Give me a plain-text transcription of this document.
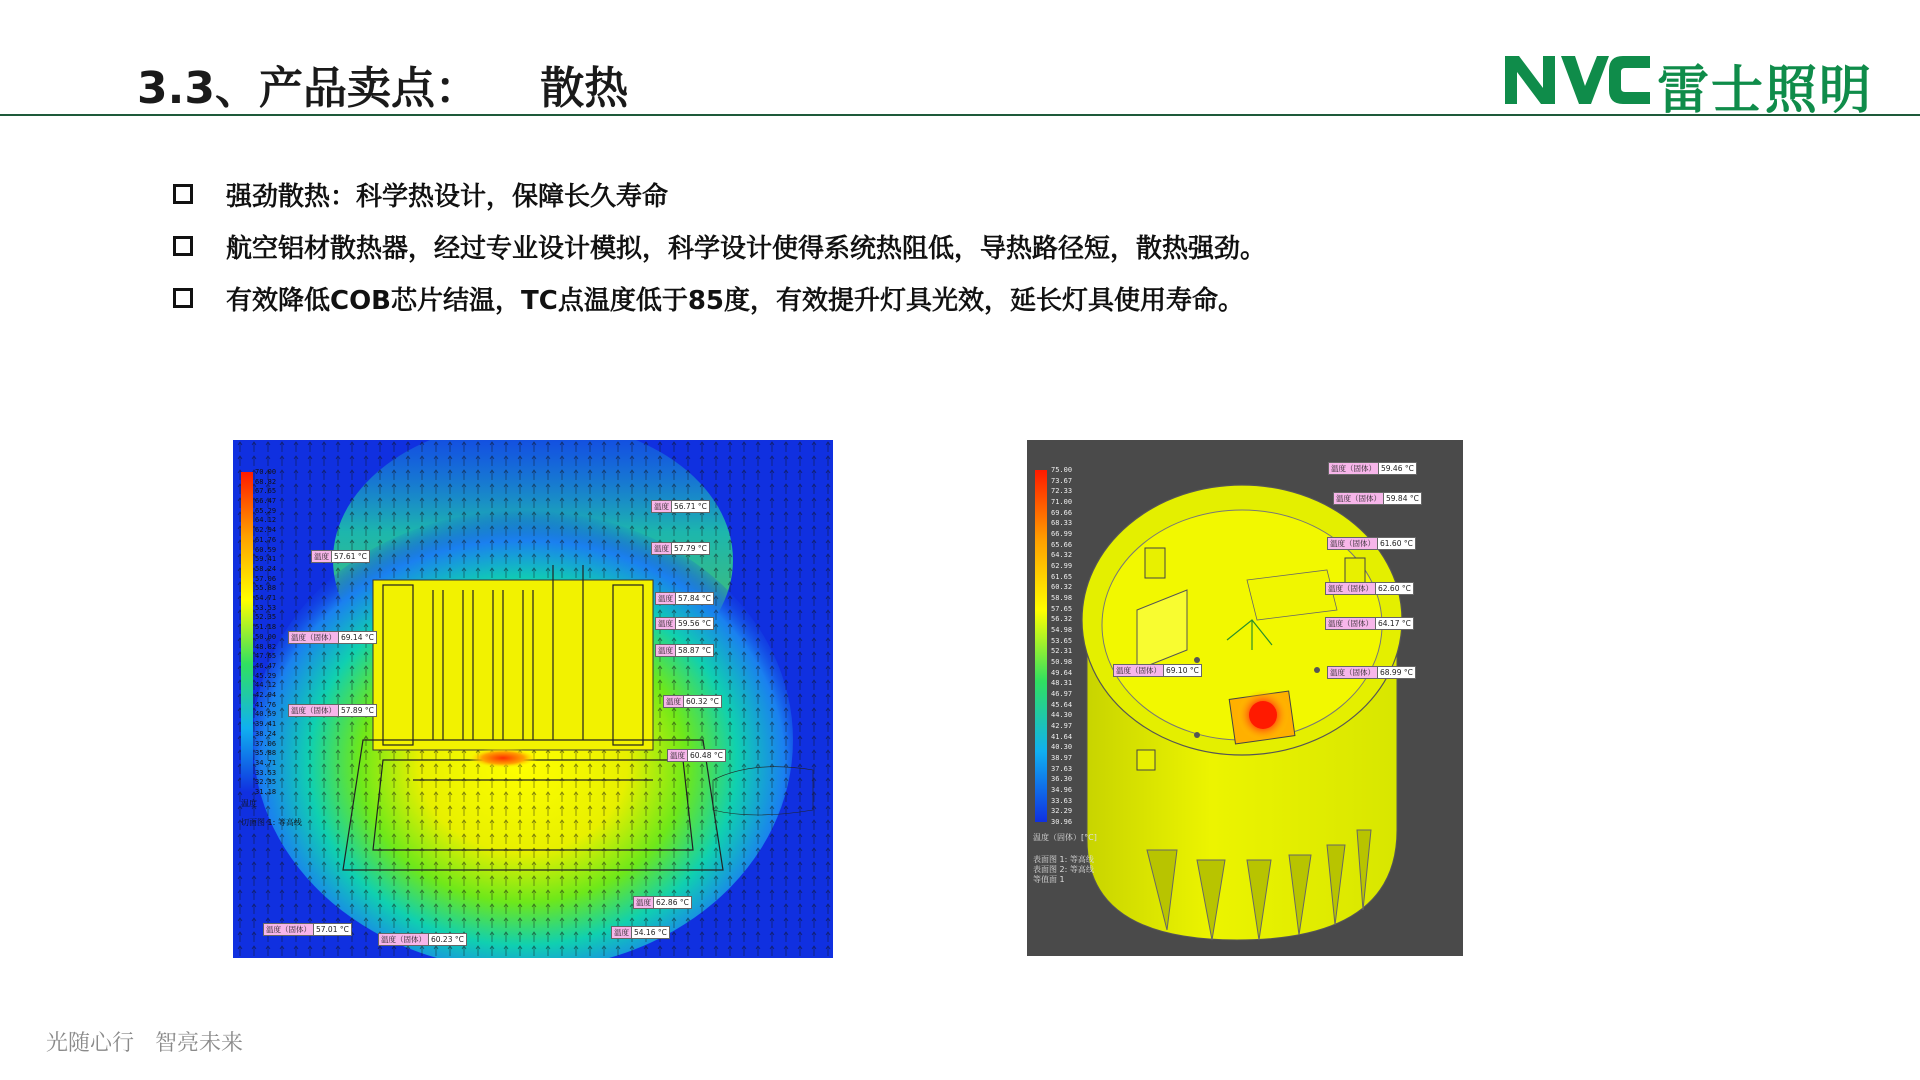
3.3、产品卖点：    散热	雷士照明
强劲散热：科学热设计，保障长久寿命
航空铝材散热器，经过专业设计模拟，科学设计使得系统热阻低，导热路径短，散热强劲。
有效降低COB芯片结温，TC点温度低于85度，有效提升灯具光效，延长灯具使用寿命。
70.00
68.82
67.65
66.47
65.29
64.12
62.94
61.76
60.59
59.41
58.24
57.06
55.88
54.71
53.53
52.35
51.18
50.00
48.82
47.65
46.47
45.29
44.12
42.94
41.76
40.59
39.41
38.24
37.06
35.88
34.71
33.53
32.35
31.18
温度
切面图 1: 等高线
温度 56.71 °C
温度 57.79 °C
温度 57.61 °C
温度 57.84 °C
温度 59.56 °C
温度 58.87 °C
温度（固体） 69.14 °C
温度 60.32 °C
温度（固体） 57.89 °C
温度 60.48 °C
温度 62.86 °C
温度（固体） 57.01 °C
温度（固体） 60.23 °C
温度 54.16 °C
75.00
73.67
72.33
71.00
69.66
68.33
66.99
65.66
64.32
62.99
61.65
60.32
58.98
57.65
56.32
54.98
53.65
52.31
50.98
49.64
48.31
46.97
45.64
44.30
42.97
41.64
40.30
38.97
37.63
36.30
34.96
33.63
32.29
30.96
温度（固体）[°C]
表面图 1: 等高线
表面图 2: 等高线
等值面 1
温度（固体） 59.46 °C
温度（固体） 59.84 °C
温度（固体） 61.60 °C
温度（固体） 62.60 °C
温度（固体） 64.17 °C
温度（固体） 69.10 °C	温度（固体） 68.99 °C
光随心行   智亮未来
